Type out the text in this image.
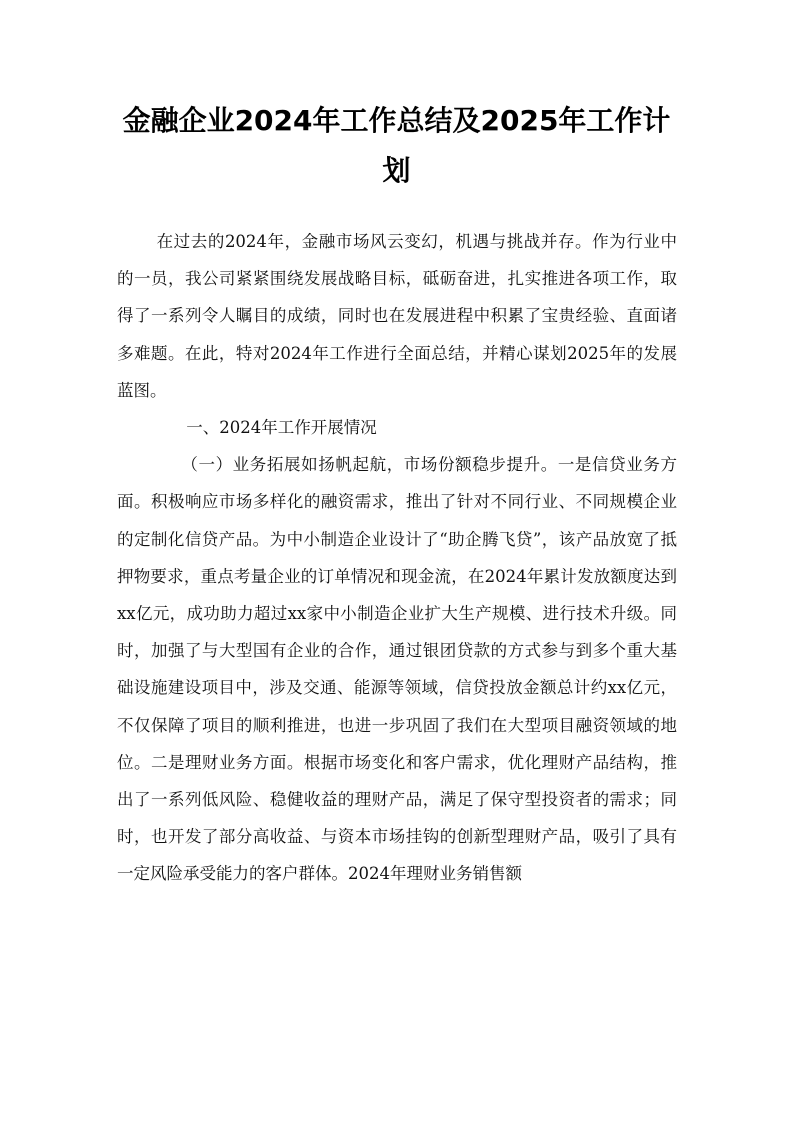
金融企业2024年工作总结及2025年工作计划

在过去的2024年，金融市场风云变幻，机遇与挑战并存。作为行业中的一员，我公司紧紧围绕发展战略目标，砥砺奋进，扎实推进各项工作，取得了一系列令人瞩目的成绩，同时也在发展进程中积累了宝贵经验、直面诸多难题。在此，特对2024年工作进行全面总结，并精心谋划2025年的发展蓝图。

一、2024年工作开展情况

（一）业务拓展如扬帆起航，市场份额稳步提升。一是信贷业务方面。积极响应市场多样化的融资需求，推出了针对不同行业、不同规模企业的定制化信贷产品。为中小制造企业设计了“助企腾飞贷”，该产品放宽了抵押物要求，重点考量企业的订单情况和现金流，在2024年累计发放额度达到xx亿元，成功助力超过xx家中小制造企业扩大生产规模、进行技术升级。同时，加强了与大型国有企业的合作，通过银团贷款的方式参与到多个重大基础设施建设项目中，涉及交通、能源等领域，信贷投放金额总计约xx亿元，不仅保障了项目的顺利推进，也进一步巩固了我们在大型项目融资领域的地位。二是理财业务方面。根据市场变化和客户需求，优化理财产品结构，推出了一系列低风险、稳健收益的理财产品，满足了保守型投资者的需求；同时，也开发了部分高收益、与资本市场挂钩的创新型理财产品，吸引了具有一定风险承受能力的客户群体。2024年理财业务销售额
